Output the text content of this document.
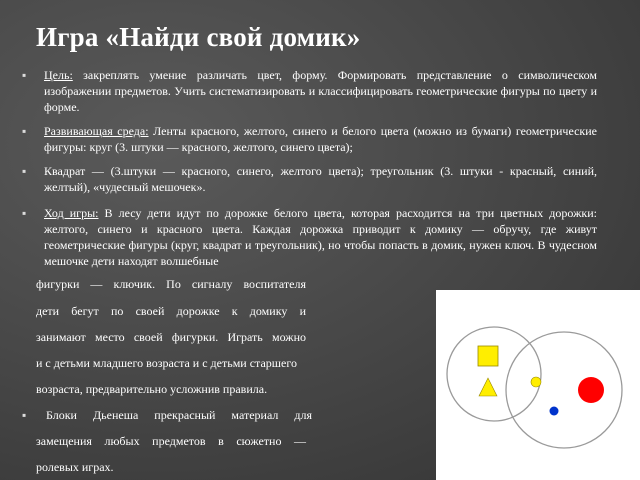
Игра «Найди свой домик»
▪ Цель: закреплять умение различать цвет, форму. Формировать представление о символическом изображении предметов. Учить систематизировать и классифицировать геометрические фигуры по цвету и форме.
▪ Развивающая среда: Ленты красного, желтого, синего и белого цвета (можно из бумаги) геометрические фигуры: круг (3. штуки — красного, желтого, синего цвета);
▪ Квадрат — (3.штуки — красного, синего, желтого цвета); треугольник (3. штуки - красный, синий, желтый), «чудесный мешочек».
▪ Ход игры: В лесу дети идут по дорожке белого цвета, которая расходится на три цветных дорожки: желтого, синего и красного цвета. Каждая дорожка приводит к домику — обручу, где живут геометрические фигуры (круг, квадрат и треугольник), но чтобы попасть в домик, нужен ключ. В чудесном мешочке дети находят волшебные
фигурки — ключик. По сигналу воспитателя
дети бегут по своей дорожке к домику и
занимают место своей фигурки. Играть можно
и с детьми младшего возраста и с детьми старшего
возраста, предварительно усложнив правила.
▪ Блоки Дьенеша прекрасный материал для
замещения любых предметов в сюжетно —
ролевых играх.
